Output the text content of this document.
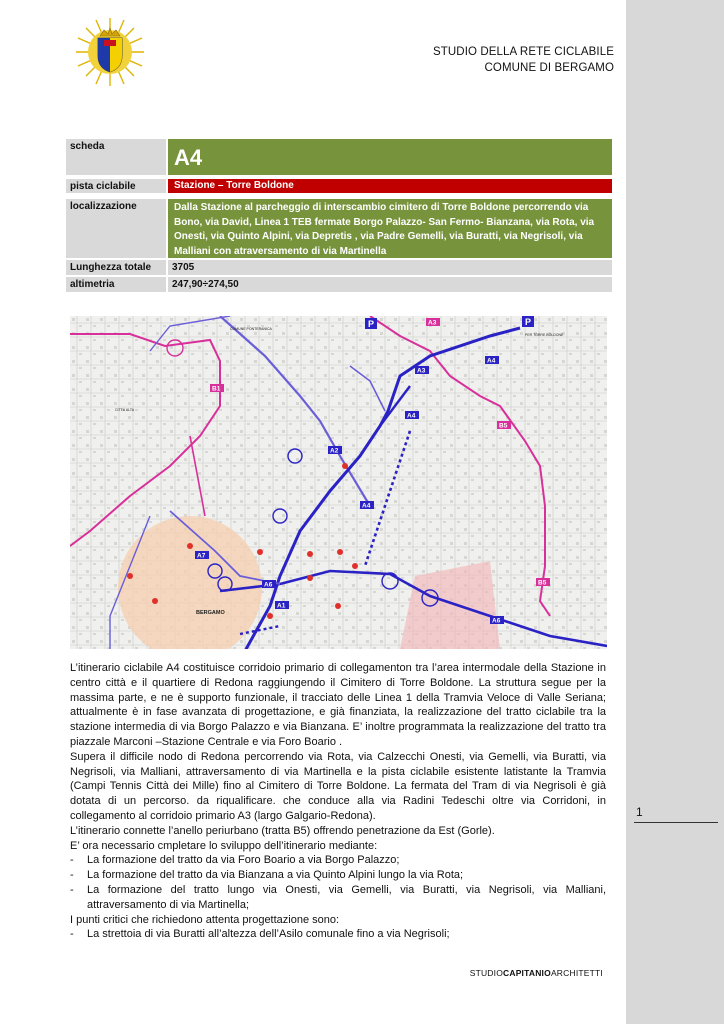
1
STUDIO DELLA RETE CICLABILE
COMUNE DI BERGAMO
scheda	A4
pista ciclabile	Stazione – Torre Boldone
localizzazione	Dalla Stazione al parcheggio di interscambio cimitero di Torre Boldone percorrendo via Bono, via David, Linea 1 TEB fermate Borgo Palazzo- San Fermo- Bianzana, via Rota, via Onesti, via Quinto Alpini, via Depretis , via Padre Gemelli, via Buratti, via Negrisoli, via Malliani con atraversamento di via Martinella
Lunghezza totale	3705
altimetria	247,90÷274,50
P	P
A3
A3
A4
A4
A4
A6
A6
B5
B5
B1
A7
A1
A2
BERGAMO
PER TORRE BOLDONE
COMUNE PONTERANICA
CITTÀ ALTA

L’itinerario ciclabile A4 costituisce corridoio primario di collegamenton tra l’area intermodale della Stazione in centro città e il quartiere di Redona raggiungendo il Cimitero di Torre Boldone. La struttura segue per la massima parte, e ne è supporto funzionale, il tracciato delle Linea 1 della Tramvia Veloce di Valle Seriana; attualmente è in fase avanzata di progettazione, e già finanziata, la realizzazione del tratto ciclabile tra la stazione intermedia di via Borgo Palazzo e via Bianzana. E’ inoltre programmata la realizzazione del tratto tra piazzale Marconi –Stazione Centrale e via Foro Boario .

Supera il difficile nodo di Redona percorrendo via Rota, via Calzecchi Onesti, via Gemelli, via Buratti, via Negrisoli, via Malliani, attraversamento di via Martinella e la pista ciclabile esistente latistante la Tramvia (Campi Tennis Città dei Mille) fino al Cimitero di Torre Boldone. La fermata del Tram di via Negrisoli è già dotata di un percorso. da riqualificare. che conduce alla via Radini Tedeschi oltre via Corridoni, in collegamento al corridoio primario A3 (largo Galgario-Redona).

L’itinerario connette l’anello periurbano (tratta B5) offrendo penetrazione da Est (Gorle).

E’ ora necessario cmpletare lo sviluppo dell’itinerario mediante:

- La formazione del tratto da via Foro Boario a via Borgo Palazzo;
- La formazione del tratto da via Bianzana a via Quinto Alpini lungo la via Rota;
- La formazione del tratto lungo via Onesti, via Gemelli, via Buratti, via Negrisoli, via Malliani, attraversamento di via Martinella;

I punti critici che richiedono attenta progettazione sono:

- La strettoia di via Buratti all’altezza dell’Asilo comunale fino a via Negrisoli;
STUDIOCAPITANIOARCHITETTI
